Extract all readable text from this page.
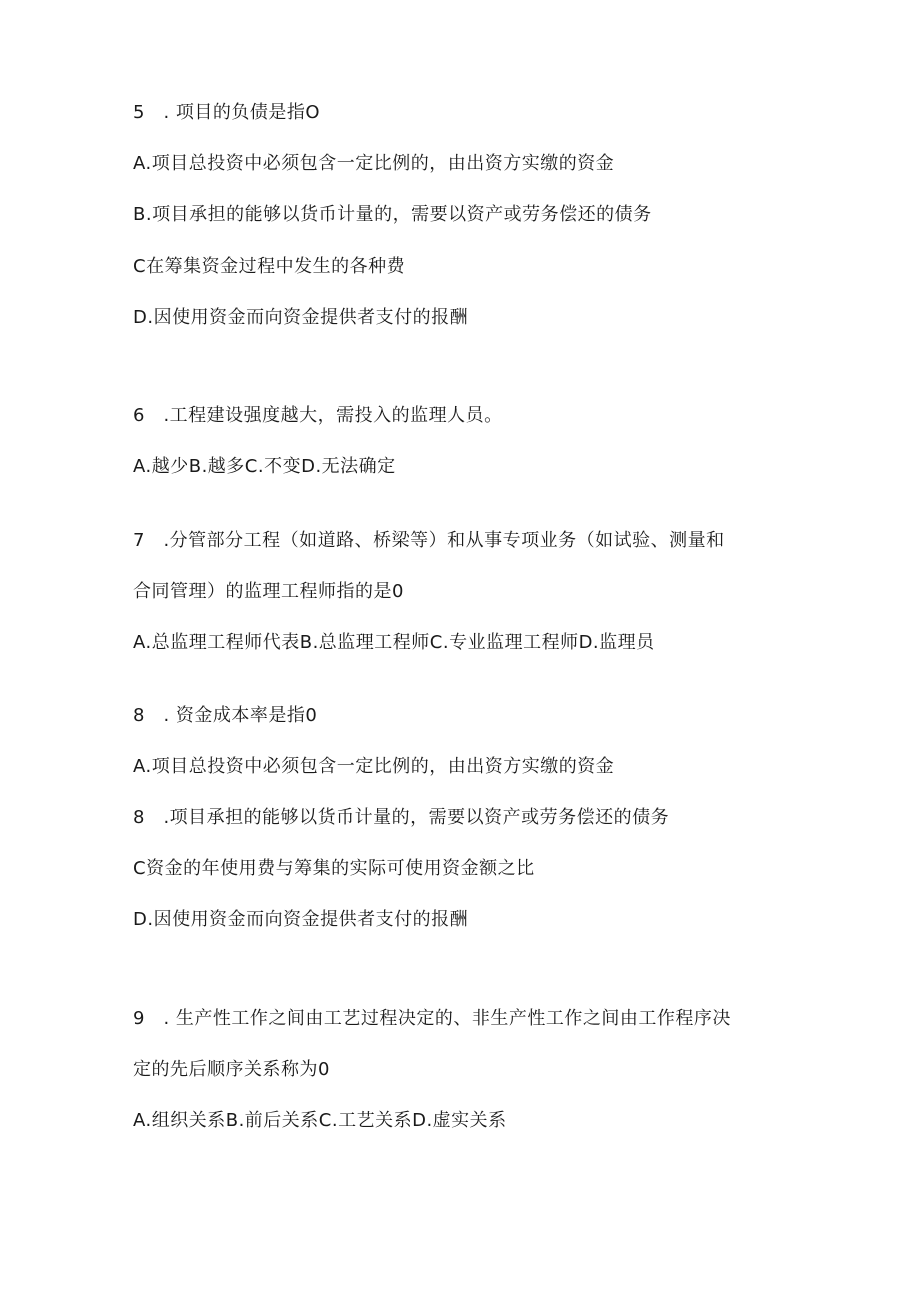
5　. 项目的负债是指O
A.项目总投资中必须包含一定比例的，由出资方实缴的资金
B.项目承担的能够以货币计量的，需要以资产或劳务偿还的债务
C在筹集资金过程中发生的各种费
D.因使用资金而向资金提供者支付的报酬
6　.工程建设强度越大，需投入的监理人员。
A.越少B.越多C.不变D.无法确定
7　.分管部分工程（如道路、桥梁等）和从事专项业务（如试验、测量和
合同管理）的监理工程师指的是0
A.总监理工程师代表B.总监理工程师C.专业监理工程师D.监理员
8　. 资金成本率是指0
A.项目总投资中必须包含一定比例的，由出资方实缴的资金
8　.项目承担的能够以货币计量的，需要以资产或劳务偿还的债务
C资金的年使用费与筹集的实际可使用资金额之比
D.因使用资金而向资金提供者支付的报酬
9　. 生产性工作之间由工艺过程决定的、非生产性工作之间由工作程序决
定的先后顺序关系称为0
A.组织关系B.前后关系C.工艺关系D.虚实关系
